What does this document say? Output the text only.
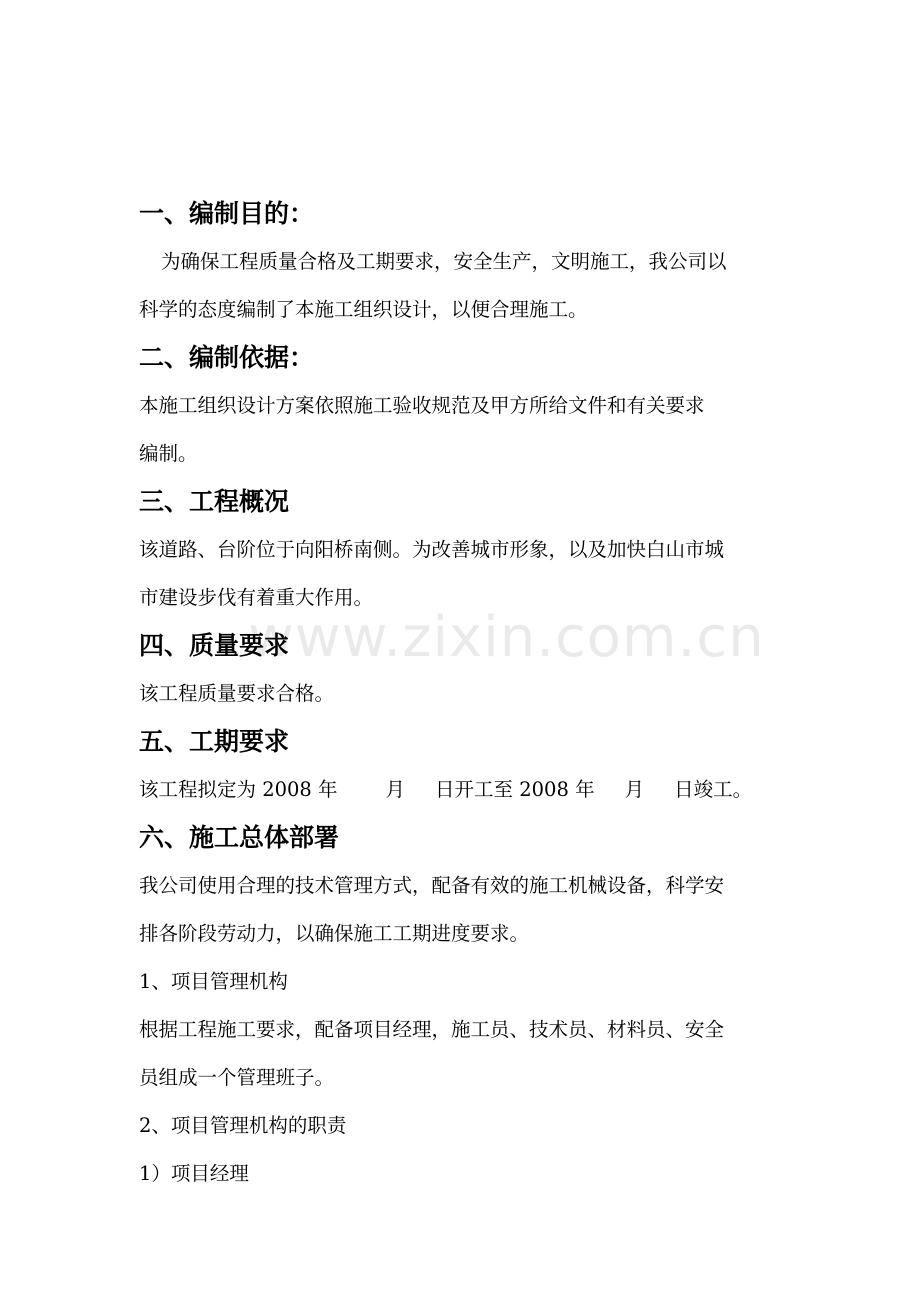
一、编制目的：

为确保工程质量合格及工期要求，安全生产，文明施工，我公司以

科学的态度编制了本施工组织设计，以便合理施工。

二、编制依据：

本施工组织设计方案依照施工验收规范及甲方所给文件和有关要求

编制。

三、工程概况

该道路、台阶位于向阳桥南侧。为改善城市形象，以及加快白山市城

市建设步伐有着重大作用。

四、质量要求

该工程质量要求合格。

五、工期要求

该工程拟定为 2008 年 月 日开工至 2008 年 月 日竣工。

六、施工总体部署

我公司使用合理的技术管理方式，配备有效的施工机械设备，科学安

排各阶段劳动力，以确保施工工期进度要求。

1、项目管理机构

根据工程施工要求，配备项目经理，施工员、技术员、材料员、安全

员组成一个管理班子。

2、项目管理机构的职责

1）项目经理

www.zixin.com.cn
